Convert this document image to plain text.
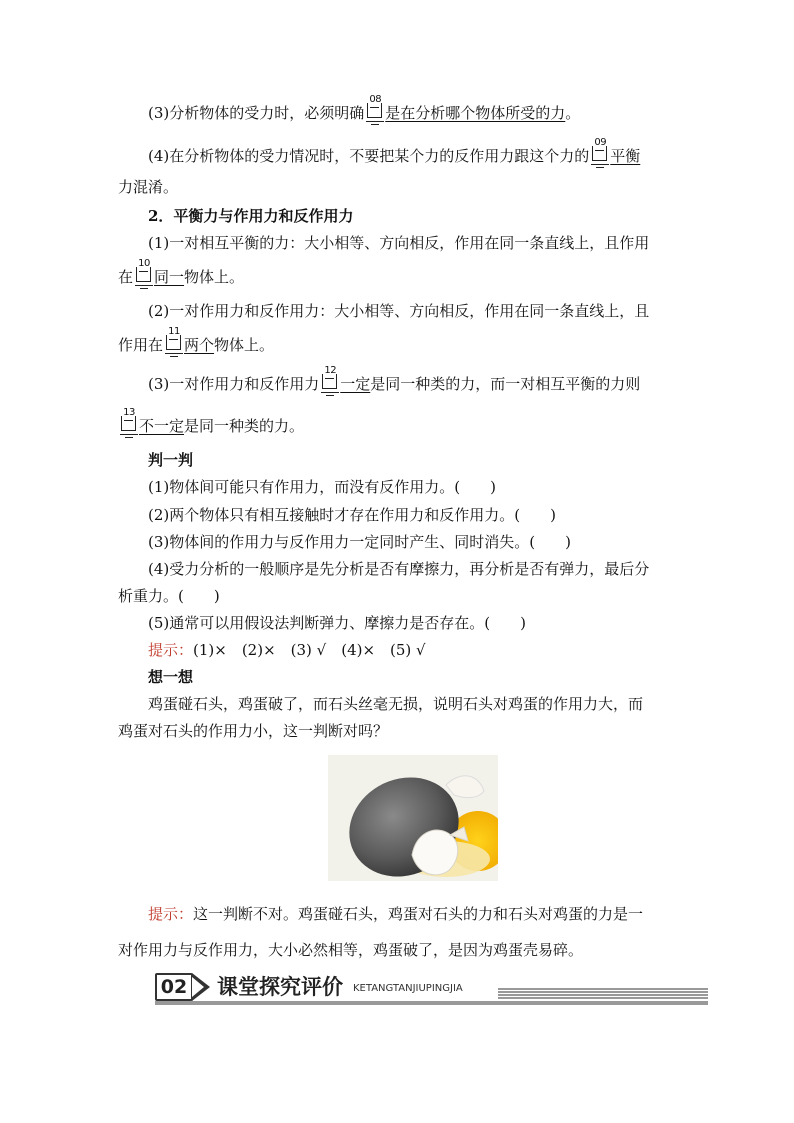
(3)分析物体的受力时，必须明确
08
是在分析哪个物体所受的力。
(4)在分析物体的受力情况时，不要把某个力的反作用力跟这个力的
09
平衡
力混淆。
2．平衡力与作用力和反作用力
(1)一对相互平衡的力：大小相等、方向相反，作用在同一条直线上，且作用
在
10
同一物体上。
(2)一对作用力和反作用力：大小相等、方向相反，作用在同一条直线上，且
作用在
11
两个物体上。
(3)一对作用力和反作用力
12
一定是同一种类的力，而一对相互平衡的力则
13
不一定是同一种类的力。
判一判
(1)物体间可能只有作用力，而没有反作用力。( )
(2)两个物体只有相互接触时才存在作用力和反作用力。( )
(3)物体间的作用力与反作用力一定同时产生、同时消失。( )
(4)受力分析的一般顺序是先分析是否有摩擦力，再分析是否有弹力，最后分
析重力。( )
(5)通常可以用假设法判断弹力、摩擦力是否存在。( )
提示：(1)×　(2)×　(3) √　(4)×　(5) √
想一想
鸡蛋碰石头，鸡蛋破了，而石头丝毫无损，说明石头对鸡蛋的作用力大，而
鸡蛋对石头的作用力小，这一判断对吗？
提示：这一判断不对。鸡蛋碰石头，鸡蛋对石头的力和石头对鸡蛋的力是一
对作用力与反作用力，大小必然相等，鸡蛋破了，是因为鸡蛋壳易碎。
02 课堂探究评价 KETANGTANJIUPINGJIA
